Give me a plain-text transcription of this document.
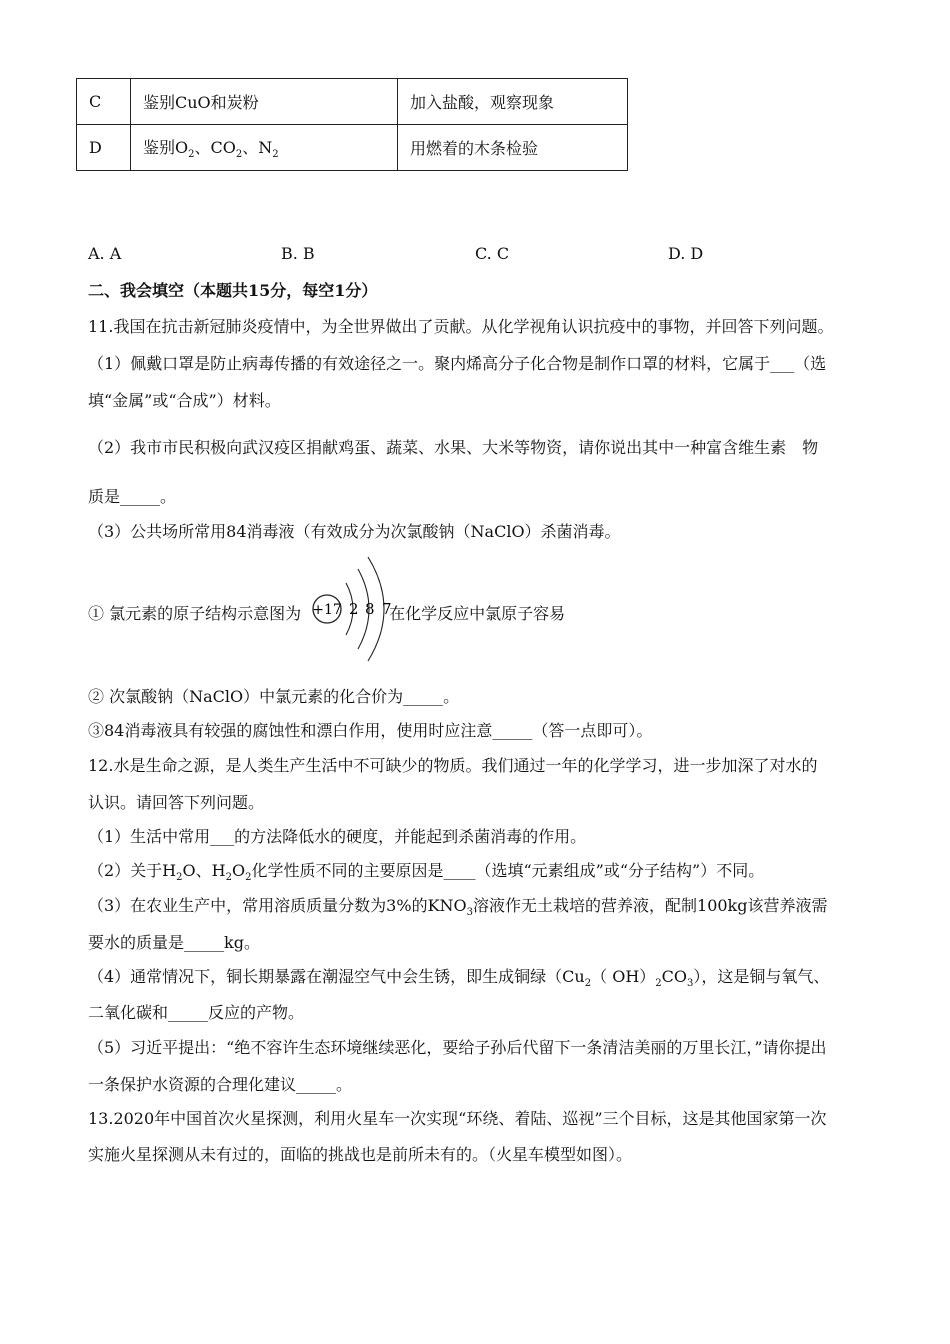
C	鉴别CuO和炭粉	加入盐酸，观察现象
D	鉴别$O_2$、$CO_2$、$N_2$	用燃着的木条检验
A. A	B. B	C. C	D. D
二、我会填空（本题共15分，每空1分）
11.我国在抗击新冠肺炎疫情中，为全世界做出了贡献。从化学视角认识抗疫中的事物，并回答下列问题。
（1）佩戴口罩是防止病毒传播的有效途径之一。聚内烯高分子化合物是制作口罩的材料，它属于___（选
填“金属”或“合成”）材料。
（2）我市市民积极向武汉疫区捐献鸡蛋、蔬菜、水果、大米等物资，请你说出其中一种富含维生素　物
质是_____。
（3）公共场所常用84消毒液（有效成分为次氯酸钠（NaClO）杀菌消毒。
① 氯元素的原子结构示意图为	在化学反应中氯原子容易
+17 2 8 7
② 次氯酸钠（NaClO）中氯元素的化合价为_____。
③84消毒液具有较强的腐蚀性和漂白作用，使用时应注意_____（答一点即可）。
12.水是生命之源，是人类生产生活中不可缺少的物质。我们通过一年的化学学习，进一步加深了对水的
认识。请回答下列问题。
（1）生活中常用___的方法降低水的硬度，并能起到杀菌消毒的作用。
（2）关于$H_2O$、$H_2O_2$化学性质不同的主要原因是____（选填“元素组成”或“分子结构”）不同。
（3）在农业生产中，常用溶质质量分数为3%的$KNO_3$溶液作无土栽培的营养液，配制100kg该营养液需
要水的质量是_____kg。
（4）通常情况下，铜长期暴露在潮湿空气中会生锈，即生成铜绿（$Cu_2$（ $OH)_2CO_3$），这是铜与氧气、
二氧化碳和_____反应的产物。
（5）习近平提出：“绝不容许生态环境继续恶化，要给子孙后代留下一条清洁美丽的万里长江，”请你提出
一条保护水资源的合理化建议_____。
13.2020年中国首次火星探测，利用火星车一次实现“环绕、着陆、巡视”三个目标，这是其他国家第一次
实施火星探测从未有过的，面临的挑战也是前所未有的。（火星车模型如图）。
